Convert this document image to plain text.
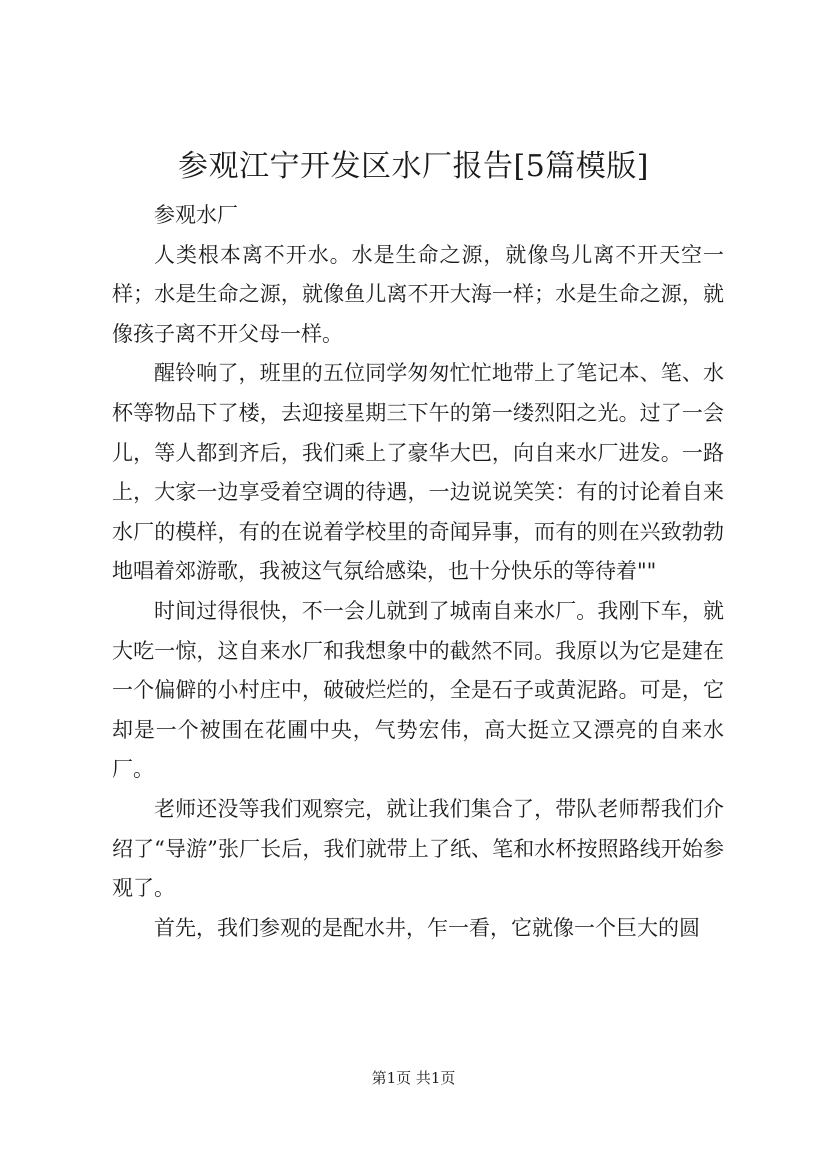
参观江宁开发区水厂报告[5篇模版]

参观水厂

人类根本离不开水。水是生命之源，就像鸟儿离不开天空一样；水是生命之源，就像鱼儿离不开大海一样；水是生命之源，就像孩子离不开父母一样。

醒铃响了，班里的五位同学匆匆忙忙地带上了笔记本、笔、水杯等物品下了楼，去迎接星期三下午的第一缕烈阳之光。过了一会儿，等人都到齐后，我们乘上了豪华大巴，向自来水厂进发。一路上，大家一边享受着空调的待遇，一边说说笑笑：有的讨论着自来水厂的模样，有的在说着学校里的奇闻异事，而有的则在兴致勃勃地唱着郊游歌，我被这气氛给感染，也十分快乐的等待着""

时间过得很快，不一会儿就到了城南自来水厂。我刚下车，就大吃一惊，这自来水厂和我想象中的截然不同。我原以为它是建在一个偏僻的小村庄中，破破烂烂的，全是石子或黄泥路。可是，它却是一个被围在花圃中央，气势宏伟，高大挺立又漂亮的自来水厂。

老师还没等我们观察完，就让我们集合了，带队老师帮我们介绍了“导游”张厂长后，我们就带上了纸、笔和水杯按照路线开始参观了。

首先，我们参观的是配水井，乍一看，它就像一个巨大的圆

第1页 共1页
